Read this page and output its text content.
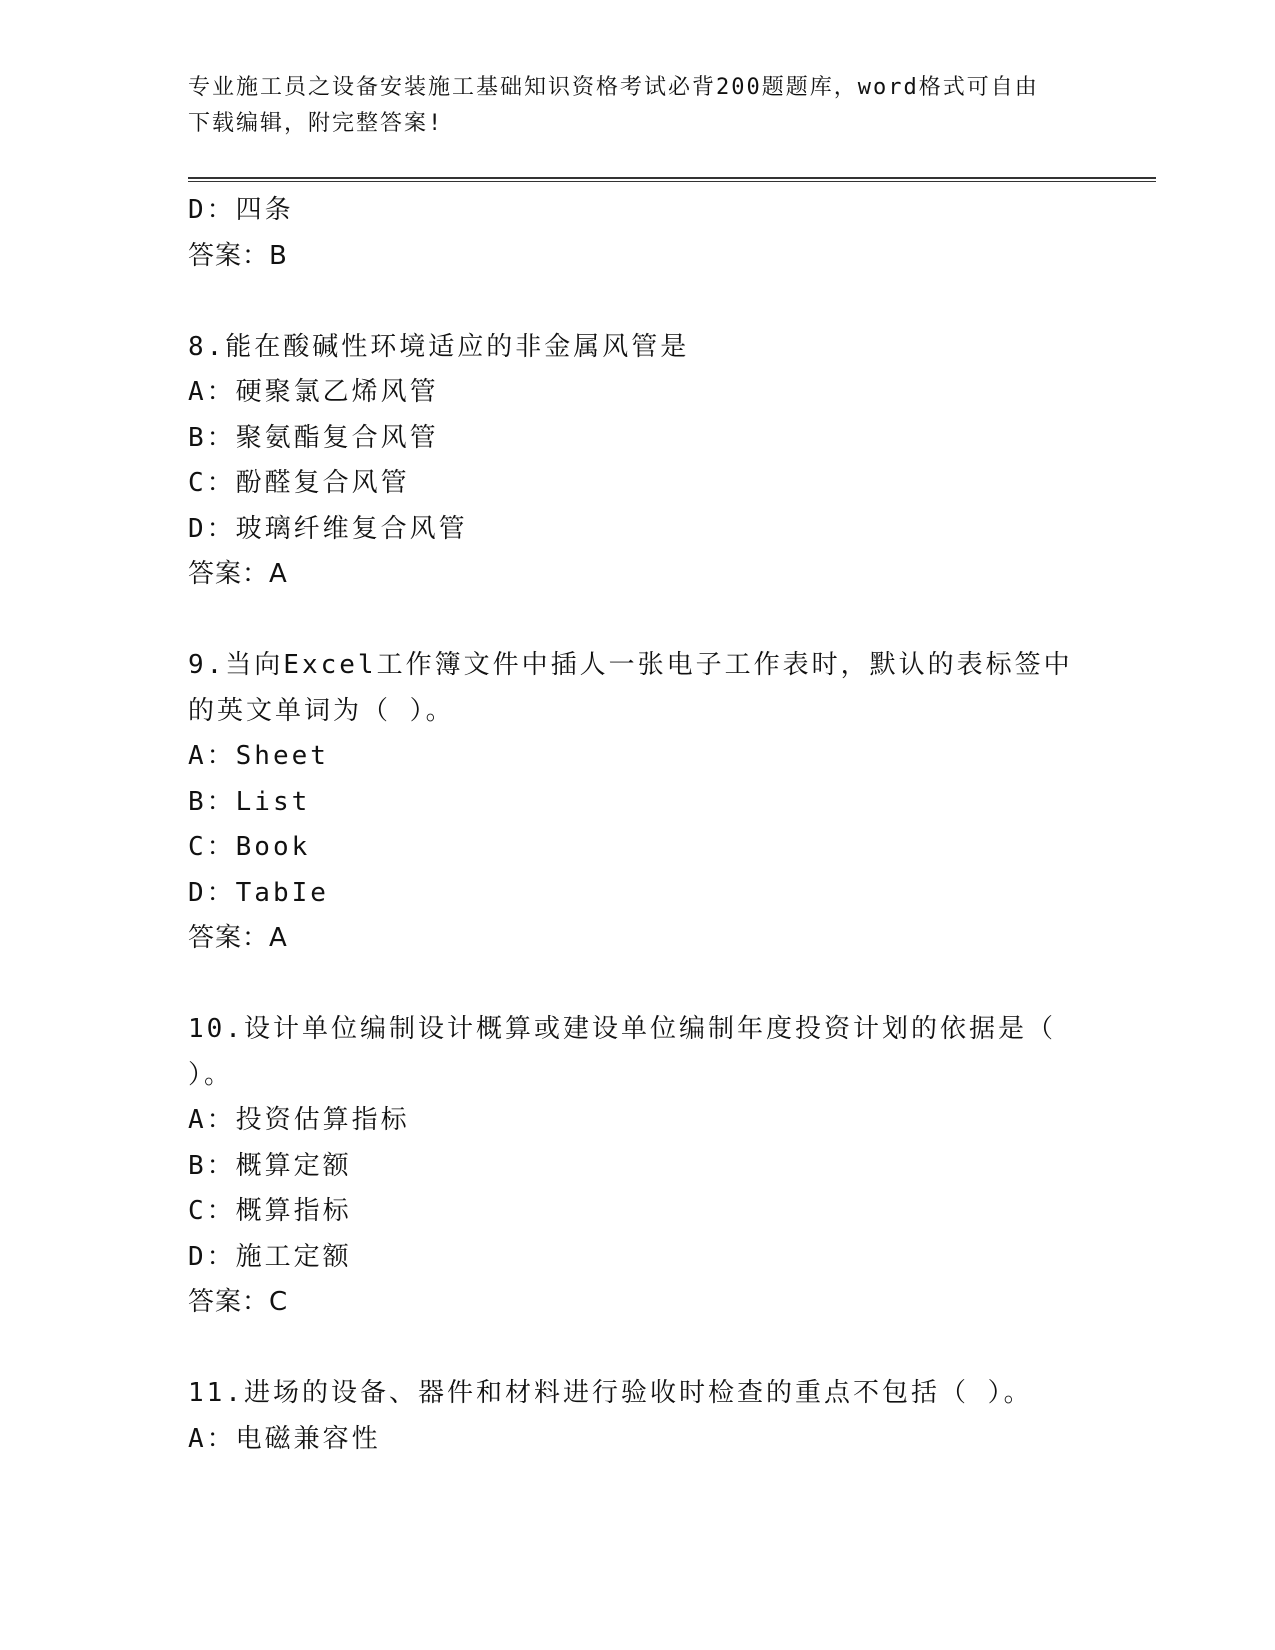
专业施工员之设备安装施工基础知识资格考试必背200题题库，word格式可自由
下载编辑，附完整答案!
D：四条
答案：B
8.能在酸碱性环境适应的非金属风管是
A：硬聚氯乙烯风管
B：聚氨酯复合风管
C：酚醛复合风管
D：玻璃纤维复合风管
答案：A
9.当向Excel工作簿文件中插人一张电子工作表时，默认的表标签中
的英文单词为（ ）。
A：Sheet
B：List
C：Book
D：TabIe
答案：A
10.设计单位编制设计概算或建设单位编制年度投资计划的依据是（
）。
A：投资估算指标
B：概算定额
C：概算指标
D：施工定额
答案：C
11.进场的设备、器件和材料进行验收时检查的重点不包括（ ）。
A：电磁兼容性
